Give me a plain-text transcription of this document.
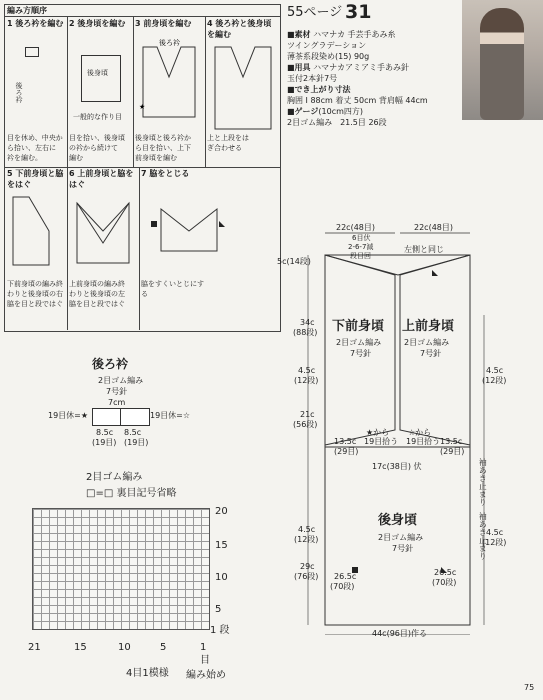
55ページ 31
■素材 ハマナカ 手芸手あみ糸
ツイングラデーション
薄茶系段染め(15) 90g
■用具 ハマナカアミアミ手あみ針
玉付2本針7号
■でき上がり寸法
胸囲 I 88cm 着丈 50cm 背肩幅 44cm
■ゲージ(10cm四方)
2目ゴム編み　21.5目 26段
編み方順序
1 後ろ衿を編む
後ろ衿
目を休め、中央か
ら拾い、左右に
衿を編む。
2 後身頃を編む
後身頃
一般的な作り目
目を拾い、後身頃
の衿から続けて
編む
3 前身頃を編む
後ろ衿
★
後身頃と後ろ衿か
ら目を拾い、上下
前身頃を編む
4 後ろ衿と後身頃
を編む
上と上段をは
ぎ合わせる
5 下前身頃と脇
をはぐ
下前身頃の編み終
わりと後身頃の右
脇を目と段ではぐ
6 上前身頃と脇を
はぐ
上前身頃の編み終
わりと後身頃の左
脇を目と段ではぐ
7 脇をとじる
脇をすくいとじにす
る
後ろ衿
2目ゴム編み
7号針
7cm
19目休=★	19目休=☆
8.5c
(19目)
8.5c
(19目)
2目ゴム編み
□=□ 裏目記号省略
20
15
10
5
1 段
21	15	10	5	1
目
4目1模様 編み始め
22c(48目)	22c(48目)
6目伏
2-6-7減
段目回
左側と同じ
5c(14段)
34c
(88段) 下前身頃 上前身頃
2目ゴム編み
7号針
2目ゴム編み
7号針
4.5c
(12段)
4.5c
(12段)
21c
(56段)
★から
19目拾う
☆から
19目拾う
13.5c
(29目)
13.5c
(29目)
17c(38目) 伏	袖あき止まり
袖あき止まり
後身頃
2目ゴム編み
7号針
4.5c
(12段)
4.5c
(12段)
29c
(76段) 26.5c
(70段)
26.5c
(70段)
44c(96目)作る
75
